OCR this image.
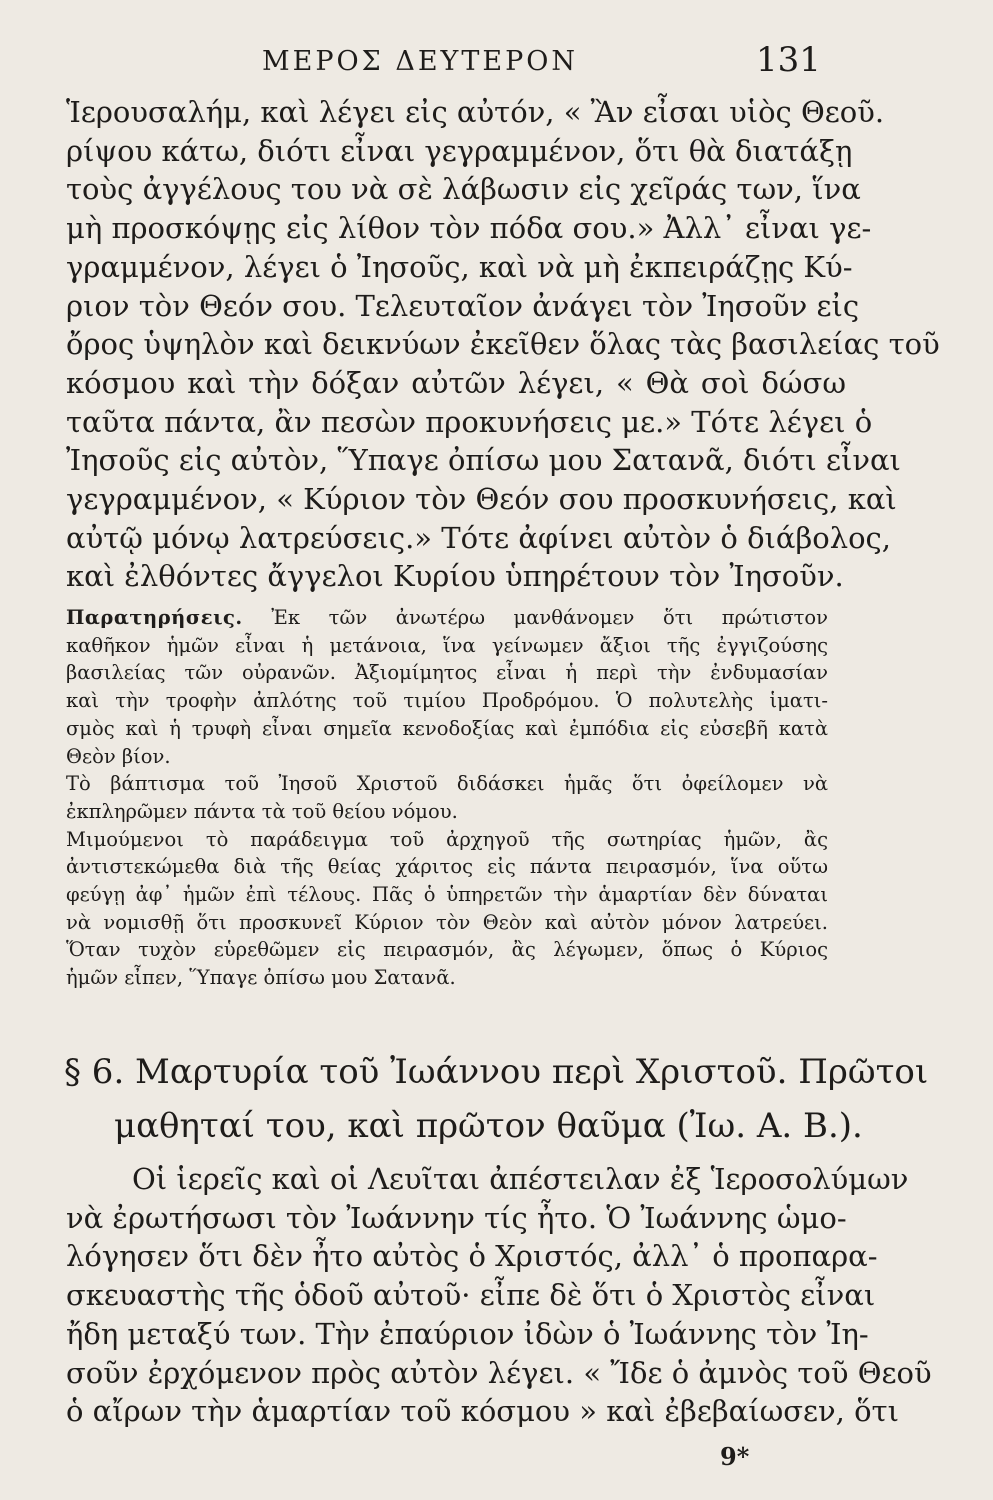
ΜΕΡΟΣ ΔΕΥΤΕΡΟΝ	131
Ἱερουσαλήμ, καὶ λέγει εἰς αὐτόν, « Ἂν εἶσαι υἱὸς Θεοῦ.
ρίψου κάτω, διότι εἶναι γεγραμμένον, ὅτι θὰ διατάξῃ
τοὺς ἀγγέλους του νὰ σὲ λάβωσιν εἰς χεῖράς των, ἵνα
μὴ προσκόψῃς εἰς λίθον τὸν πόδα σου.» Ἀλλ᾽ εἶναι γε-
γραμμένον, λέγει ὁ Ἰησοῦς, καὶ νὰ μὴ ἐκπειράζῃς Κύ-
ριον τὸν Θεόν σου. Τελευταῖον ἀνάγει τὸν Ἰησοῦν εἰς
ὄρος ὑψηλὸν καὶ δεικνύων ἐκεῖθεν ὅλας τὰς βασιλείας τοῦ
κόσμου καὶ τὴν δόξαν αὐτῶν λέγει, « Θὰ σοὶ δώσω
ταῦτα πάντα, ἂν πεσὼν προκυνήσεις με.» Τότε λέγει ὁ
Ἰησοῦς εἰς αὐτὸν, Ὕπαγε ὀπίσω μου Σατανᾶ, διότι εἶναι
γεγραμμένον, « Κύριον τὸν Θεόν σου προσκυνήσεις, καὶ
αὐτῷ μόνῳ λατρεύσεις.» Τότε ἀφίνει αὐτὸν ὁ διάβολος,
καὶ ἐλθόντες ἄγγελοι Κυρίου ὑπηρέτουν τὸν Ἰησοῦν.
Παρατηρήσεις. Ἐκ τῶν ἀνωτέρω μανθάνομεν ὅτι πρώτιστον
καθῆκον ἡμῶν εἶναι ἡ μετάνοια, ἵνα γείνωμεν ἄξιοι τῆς ἐγγιζούσης
βασιλείας τῶν οὐρανῶν. Ἀξιομίμητος εἶναι ἡ περὶ τὴν ἐνδυμασίαν
καὶ τὴν τροφὴν ἀπλότης τοῦ τιμίου Προδρόμου. Ὁ πολυτελὴς ἱματι-
σμὸς καὶ ἡ τρυφὴ εἶναι σημεῖα κενοδοξίας καὶ ἐμπόδια εἰς εὐσεβῆ κατὰ
Θεὸν βίον.
Τὸ βάπτισμα τοῦ Ἰησοῦ Χριστοῦ διδάσκει ἡμᾶς ὅτι ὀφείλομεν νὰ
ἐκπληρῶμεν πάντα τὰ τοῦ θείου νόμου.
Μιμούμενοι τὸ παράδειγμα τοῦ ἀρχηγοῦ τῆς σωτηρίας ἡμῶν, ἂς
ἀντιστεκώμεθα διὰ τῆς θείας χάριτος εἰς πάντα πειρασμόν, ἵνα οὕτω
φεύγῃ ἀφ᾽ ἡμῶν ἐπὶ τέλους. Πᾶς ὁ ὑπηρετῶν τὴν ἁμαρτίαν δὲν δύναται
νὰ νομισθῇ ὅτι προσκυνεῖ Κύριον τὸν Θεὸν καὶ αὐτὸν μόνον λατρεύει.
Ὅταν τυχὸν εὑρεθῶμεν εἰς πειρασμόν, ἂς λέγωμεν, ὅπως ὁ Κύριος
ἡμῶν εἶπεν, Ὕπαγε ὀπίσω μου Σατανᾶ.
§ 6. Μαρτυρία τοῦ Ἰωάννου περὶ Χριστοῦ. Πρῶτοι
μαθηταί του, καὶ πρῶτον θαῦμα (Ἰω. Α. Β.).
Οἱ ἱερεῖς καὶ οἱ Λευῖται ἀπέστειλαν ἐξ Ἱεροσολύμων
νὰ ἐρωτήσωσι τὸν Ἰωάννην τίς ἦτο. Ὁ Ἰωάννης ὡμο-
λόγησεν ὅτι δὲν ἦτο αὐτὸς ὁ Χριστός, ἀλλ᾽ ὁ προπαρα-
σκευαστὴς τῆς ὁδοῦ αὐτοῦ· εἶπε δὲ ὅτι ὁ Χριστὸς εἶναι
ἤδη μεταξύ των. Τὴν ἐπαύριον ἰδὼν ὁ Ἰωάννης τὸν Ἰη-
σοῦν ἐρχόμενον πρὸς αὐτὸν λέγει. « Ἴδε ὁ ἀμνὸς τοῦ Θεοῦ
ὁ αἴρων τὴν ἁμαρτίαν τοῦ κόσμου » καὶ ἐβεβαίωσεν, ὅτι
9*
